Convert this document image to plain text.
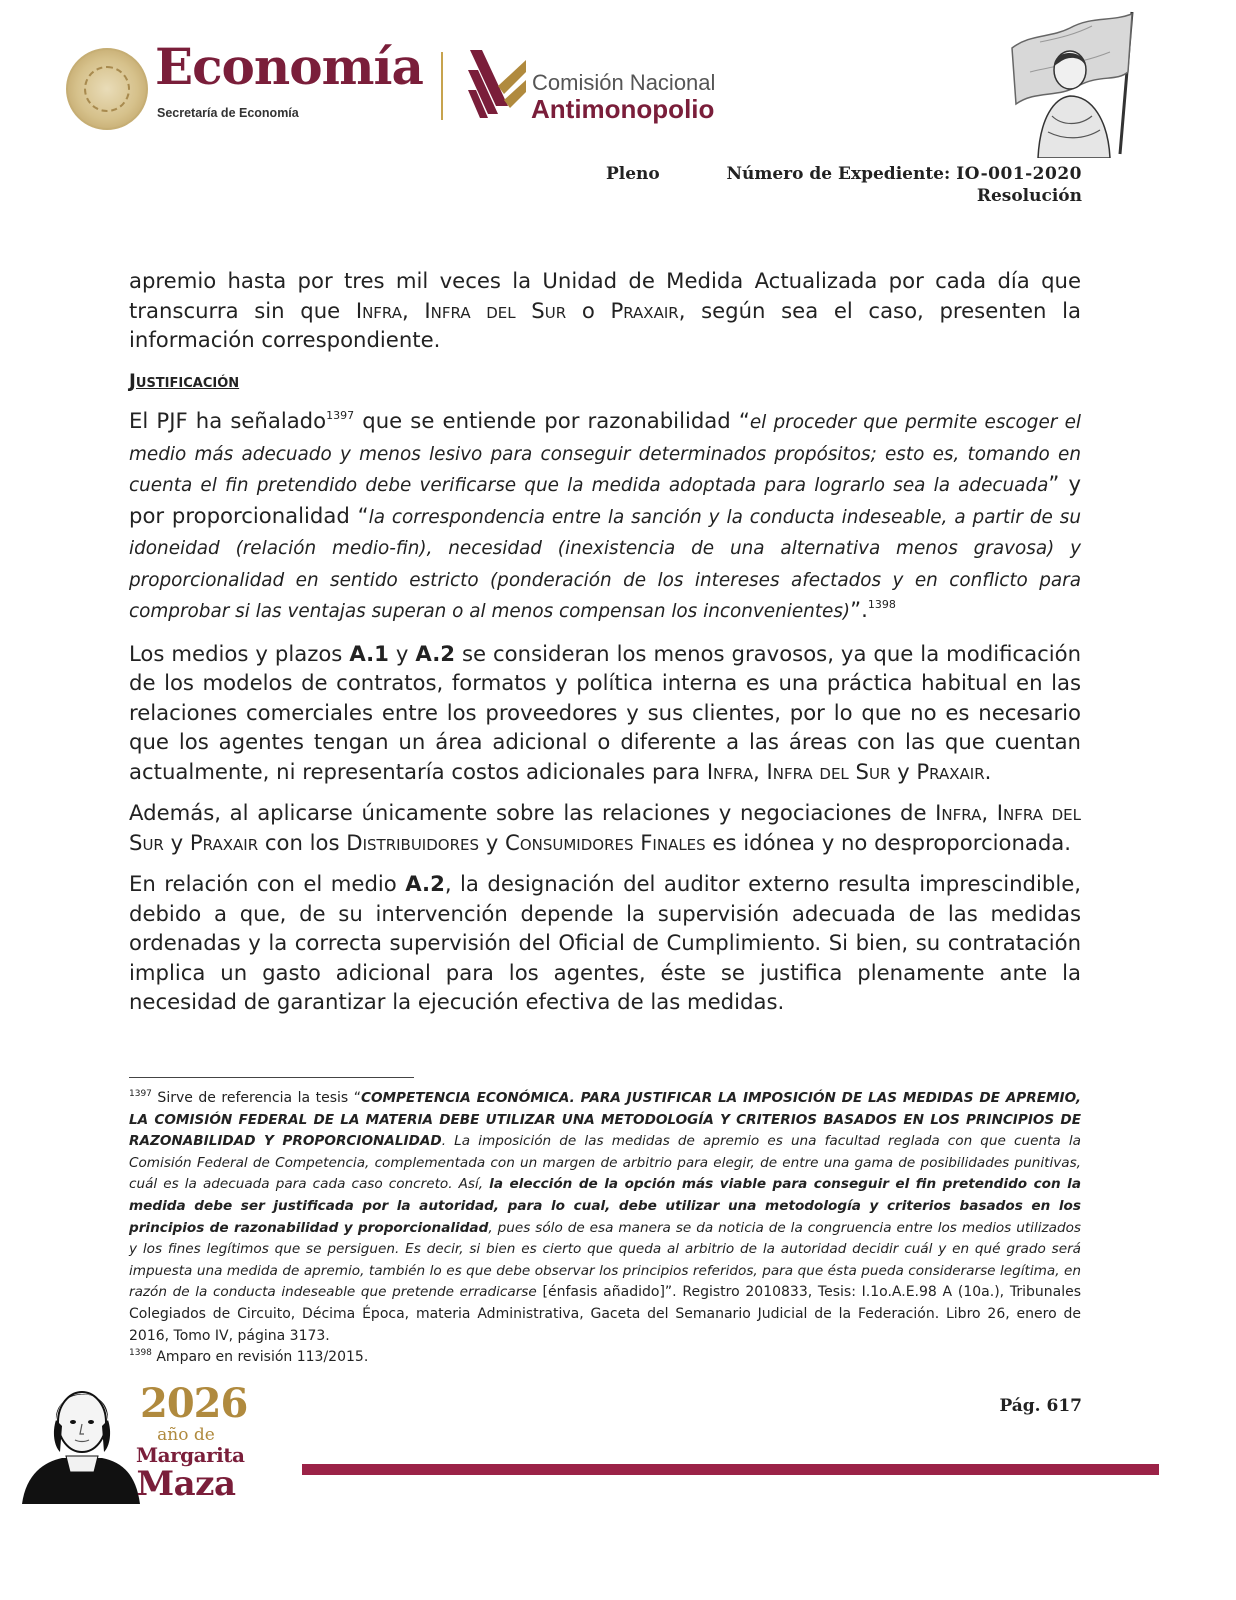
Economía
Secretaría de Economía
Comisión Nacional
Antimonopolio
Pleno	Número de Expediente: IO-001-2020
Resolución

apremio hasta por tres mil veces la Unidad de Medida Actualizada por cada día que transcurra sin que Infra, Infra del Sur o Praxair, según sea el caso, presenten la información correspondiente.

Justificación

El PJF ha señalado$^{1397}$ que se entiende por razonabilidad “el proceder que permite escoger el medio más adecuado y menos lesivo para conseguir determinados propósitos; esto es, tomando en cuenta el fin pretendido debe verificarse que la medida adoptada para lograrlo sea la adecuada” y por proporcionalidad “la correspondencia entre la sanción y la conducta indeseable, a partir de su idoneidad (relación medio-fin), necesidad (inexistencia de una alternativa menos gravosa) y proporcionalidad en sentido estricto (ponderación de los intereses afectados y en conflicto para comprobar si las ventajas superan o al menos compensan los inconvenientes)”.$^{1398}$

Los medios y plazos A.1 y A.2 se consideran los menos gravosos, ya que la modificación de los modelos de contratos, formatos y política interna es una práctica habitual en las relaciones comerciales entre los proveedores y sus clientes, por lo que no es necesario que los agentes tengan un área adicional o diferente a las áreas con las que cuentan actualmente, ni representaría costos adicionales para Infra, Infra del Sur y Praxair.

Además, al aplicarse únicamente sobre las relaciones y negociaciones de Infra, Infra del Sur y Praxair con los Distribuidores y Consumidores Finales es idónea y no desproporcionada.

En relación con el medio A.2, la designación del auditor externo resulta imprescindible, debido a que, de su intervención depende la supervisión adecuada de las medidas ordenadas y la correcta supervisión del Oficial de Cumplimiento. Si bien, su contratación implica un gasto adicional para los agentes, éste se justifica plenamente ante la necesidad de garantizar la ejecución efectiva de las medidas.

$^{1397}$ Sirve de referencia la tesis “COMPETENCIA ECONÓMICA. PARA JUSTIFICAR LA IMPOSICIÓN DE LAS MEDIDAS DE APREMIO, LA COMISIÓN FEDERAL DE LA MATERIA DEBE UTILIZAR UNA METODOLOGÍA Y CRITERIOS BASADOS EN LOS PRINCIPIOS DE RAZONABILIDAD Y PROPORCIONALIDAD. La imposición de las medidas de apremio es una facultad reglada con que cuenta la Comisión Federal de Competencia, complementada con un margen de arbitrio para elegir, de entre una gama de posibilidades punitivas, cuál es la adecuada para cada caso concreto. Así, la elección de la opción más viable para conseguir el fin pretendido con la medida debe ser justificada por la autoridad, para lo cual, debe utilizar una metodología y criterios basados en los principios de razonabilidad y proporcionalidad, pues sólo de esa manera se da noticia de la congruencia entre los medios utilizados y los fines legítimos que se persiguen. Es decir, si bien es cierto que queda al arbitrio de la autoridad decidir cuál y en qué grado será impuesta una medida de apremio, también lo es que debe observar los principios referidos, para que ésta pueda considerarse legítima, en razón de la conducta indeseable que pretende erradicarse [énfasis añadido]”. Registro 2010833, Tesis: I.1o.A.E.98 A (10a.), Tribunales Colegiados de Circuito, Décima Época, materia Administrativa, Gaceta del Semanario Judicial de la Federación. Libro 26, enero de 2016, Tomo IV, página 3173.

$^{1398}$ Amparo en revisión 113/2015.

2026
año de
Margarita
Maza
Pág. 617
